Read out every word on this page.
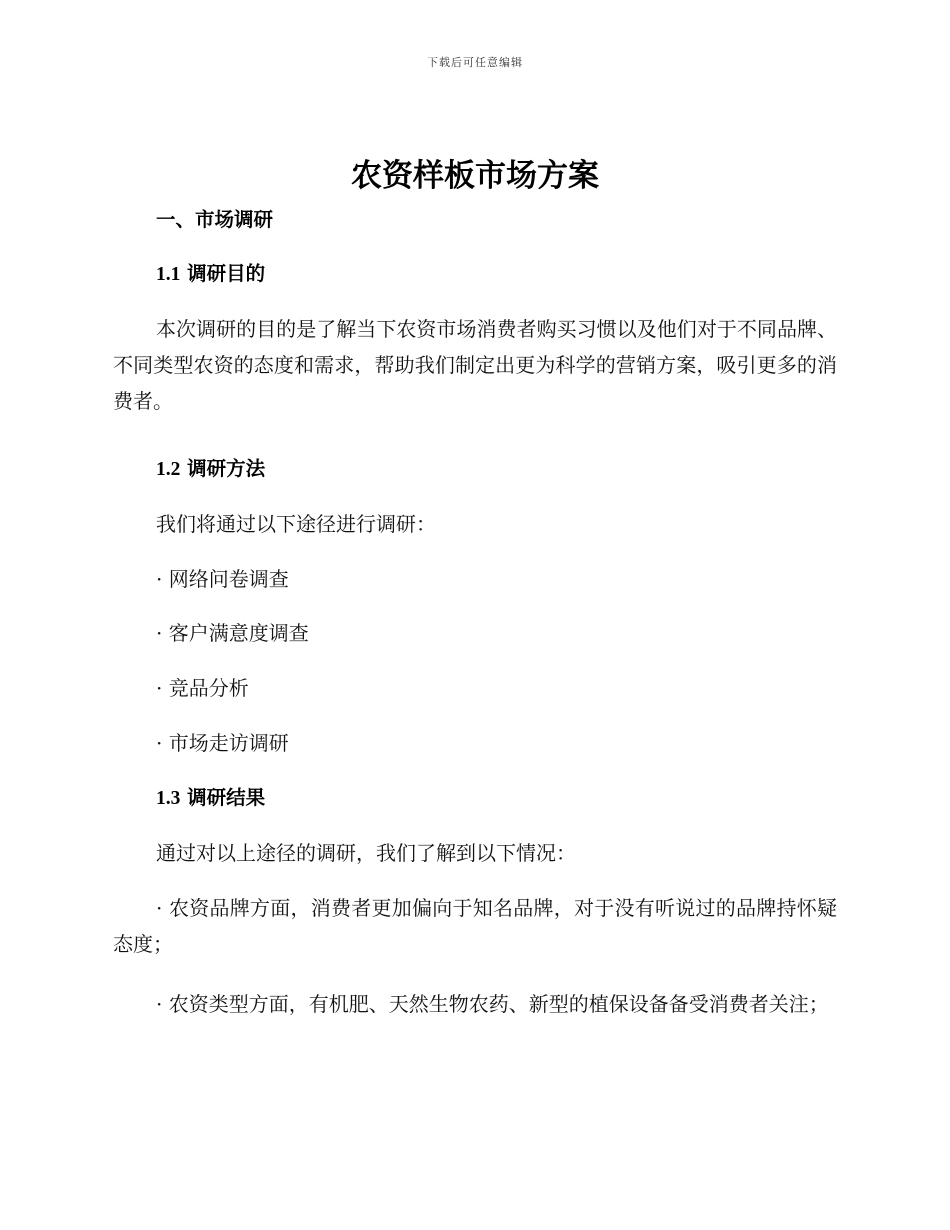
下载后可任意编辑
农资样板市场方案
一、市场调研
1.1 调研目的

本次调研的目的是了解当下农资市场消费者购买习惯以及他们对于不同品牌、不同类型农资的态度和需求，帮助我们制定出更为科学的营销方案，吸引更多的消费者。

1.2 调研方法

我们将通过以下途径进行调研：

· 网络问卷调查

· 客户满意度调查

· 竞品分析

· 市场走访调研

1.3 调研结果

通过对以上途径的调研，我们了解到以下情况：

· 农资品牌方面，消费者更加偏向于知名品牌，对于没有听说过的品牌持怀疑态度；

· 农资类型方面，有机肥、天然生物农药、新型的植保设备备受消费者关注；
